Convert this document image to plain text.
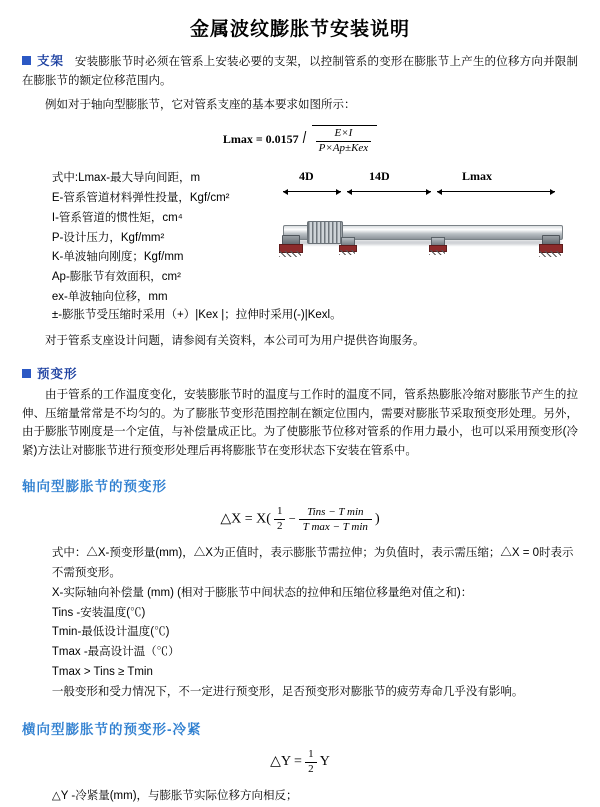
金属波纹膨胀节安装说明
支架 安装膨胀节时必须在管系上安装必要的支架，以控制管系的变形在膨胀节上产生的位移方向并限制在膨胀节的额定位移范围内。

例如对于轴向型膨胀节，它对管系支座的基本要求如图所示：

$Lmax = 0.0157 \frac{E\times I}{\text{P×Ap±Kex}}$
式中:Lmax-最大导向间距，m
E-管系管道材料弹性投量，Kgf/cm²
I-管系管道的惯性矩，cm⁴
P-设计压力，Kgf/mm²
K-单波轴向刚度；Kgf/mm
Ap-膨胀节有效面积，cm²
ex-单波轴向位移，mm
4D	14D	Lmax
±-膨胀节受压缩时采用（+）|Kex |；拉伸时采用(-)|Kexl。

对于管系支座设计问题，请参阅有关资料，本公司可为用户提供咨询服务。

预变形

由于管系的工作温度变化，安装膨胀节时的温度与工作时的温度不同，管系热膨胀冷缩对膨胀节产生的拉伸、压缩量常常是不均匀的。为了膨胀节变形范围控制在额定位围内，需要对膨胀节采取预变形处理。另外，由于膨胀节刚度是一个定值，与补偿量成正比。为了使膨胀节位移对管系的作用力最小，也可以采用预变形(冷紧)方法让对膨胀节进行预变形处理后再将膨胀节在变形状态下安装在管系中。

轴向型膨胀节的预变形
△X = $X( \frac{1}{2} - \frac{\text{Tins − T min}}{\text{T max − T min}}$ )
式中：△X-预变形量(mm)，△X为正值时，表示膨胀节需拉伸；为负值时，表示需压缩；△X = 0时表示不需预变形。
X-实际轴向补偿量 (mm) (相对于膨胀节中间状态的拉伸和压缩位移量绝对值之和)：
Tins -安装温度(℃)
Tmin-最低设计温度(℃)
Tmax -最高设计温（℃）
Tmax > Tins ≥ Tmin
一般变形和受力情况下，不一定进行预变形，足否预变形对膨胀节的疲劳寿命几乎没有影响。
横向型膨胀节的预变形-冷紧
△Y = $\frac{1}{2}$ Y
△Y -冷紧量(mm)，与膨胀节实际位移方向相反；
